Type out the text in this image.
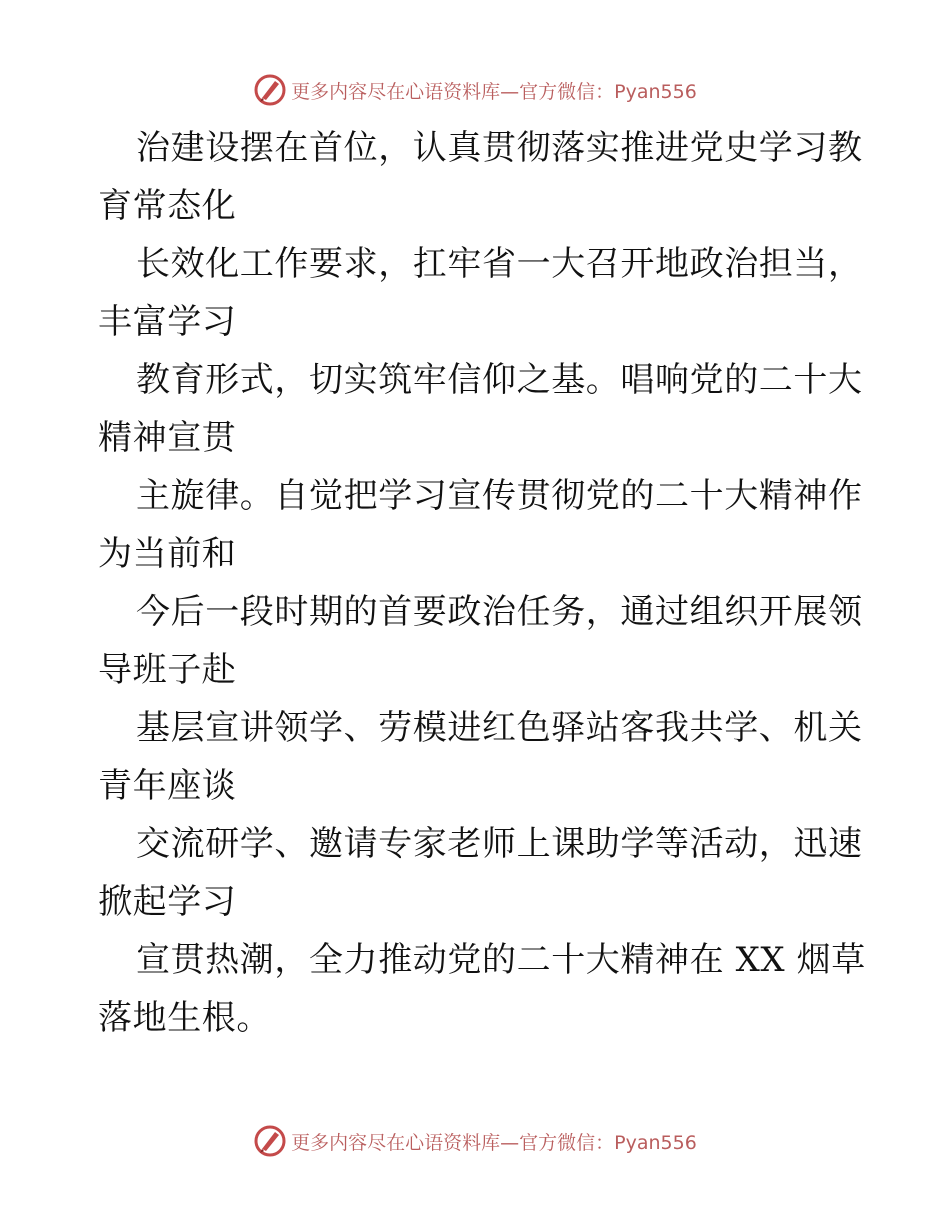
更多内容尽在心语资料库—官方微信：Pyan556
治建设摆在首位，认真贯彻落实推进党史学习教
育常态化
长效化工作要求，扛牢省一大召开地政治担当，
丰富学习
教育形式，切实筑牢信仰之基。唱响党的二十大
精神宣贯
主旋律。自觉把学习宣传贯彻党的二十大精神作
为当前和
今后一段时期的首要政治任务，通过组织开展领
导班子赴
基层宣讲领学、劳模进红色驿站客我共学、机关
青年座谈
交流研学、邀请专家老师上课助学等活动，迅速
掀起学习
宣贯热潮，全力推动党的二十大精神在 XX 烟草
落地生根。
更多内容尽在心语资料库—官方微信：Pyan556
